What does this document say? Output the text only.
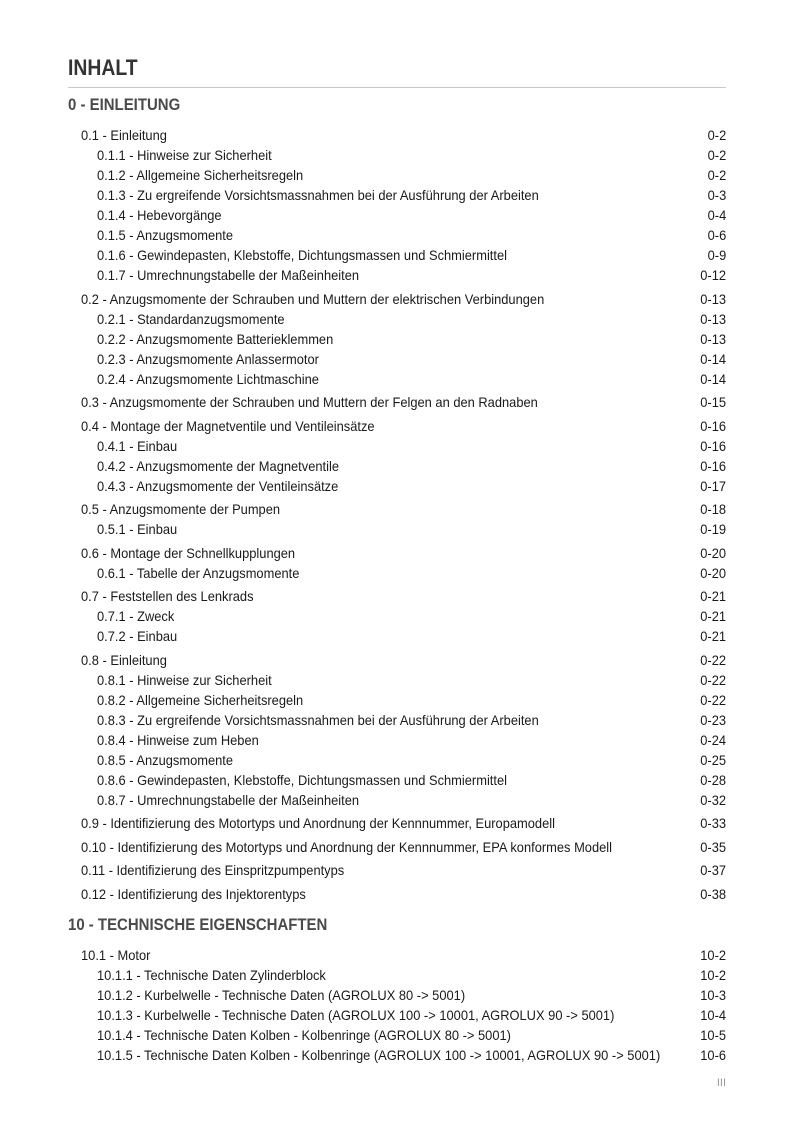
INHALT
0 - EINLEITUNG
0.1 - Einleitung	0-2
0.1.1 - Hinweise zur Sicherheit	0-2
0.1.2 - Allgemeine Sicherheitsregeln	0-2
0.1.3 - Zu ergreifende Vorsichtsmassnahmen bei der Ausführung der Arbeiten	0-3
0.1.4 - Hebevorgänge	0-4
0.1.5 - Anzugsmomente	0-6
0.1.6 - Gewindepasten, Klebstoffe, Dichtungsmassen und Schmiermittel	0-9
0.1.7 - Umrechnungstabelle der Maßeinheiten	0-12
0.2 - Anzugsmomente der Schrauben und Muttern der elektrischen Verbindungen	0-13
0.2.1 - Standardanzugsmomente	0-13
0.2.2 - Anzugsmomente Batterieklemmen	0-13
0.2.3 - Anzugsmomente Anlassermotor	0-14
0.2.4 - Anzugsmomente Lichtmaschine	0-14
0.3 - Anzugsmomente der Schrauben und Muttern der Felgen an den Radnaben	0-15
0.4 - Montage der Magnetventile und Ventileinsätze	0-16
0.4.1 - Einbau	0-16
0.4.2 - Anzugsmomente der Magnetventile	0-16
0.4.3 - Anzugsmomente der Ventileinsätze	0-17
0.5 - Anzugsmomente der Pumpen	0-18
0.5.1 - Einbau	0-19
0.6 - Montage der Schnellkupplungen	0-20
0.6.1 - Tabelle der Anzugsmomente	0-20
0.7 - Feststellen des Lenkrads	0-21
0.7.1 - Zweck	0-21
0.7.2 - Einbau	0-21
0.8 - Einleitung	0-22
0.8.1 - Hinweise zur Sicherheit	0-22
0.8.2 - Allgemeine Sicherheitsregeln	0-22
0.8.3 - Zu ergreifende Vorsichtsmassnahmen bei der Ausführung der Arbeiten	0-23
0.8.4 - Hinweise zum Heben	0-24
0.8.5 - Anzugsmomente	0-25
0.8.6 - Gewindepasten, Klebstoffe, Dichtungsmassen und Schmiermittel	0-28
0.8.7 - Umrechnungstabelle der Maßeinheiten	0-32
0.9 - Identifizierung des Motortyps und Anordnung der Kennnummer, Europamodell	0-33
0.10 - Identifizierung des Motortyps und Anordnung der Kennnummer, EPA konformes Modell	0-35
0.11 - Identifizierung des Einspritzpumpentyps	0-37
0.12 - Identifizierung des Injektorentyps	0-38
10 - TECHNISCHE EIGENSCHAFTEN
10.1 - Motor	10-2
10.1.1 - Technische Daten Zylinderblock	10-2
10.1.2 - Kurbelwelle - Technische Daten (AGROLUX 80 -> 5001)	10-3
10.1.3 - Kurbelwelle - Technische Daten (AGROLUX 100 -> 10001, AGROLUX 90 -> 5001)	10-4
10.1.4 - Technische Daten Kolben - Kolbenringe (AGROLUX 80 -> 5001)	10-5
10.1.5 - Technische Daten Kolben - Kolbenringe (AGROLUX 100 -> 10001, AGROLUX 90 -> 5001)	10-6
III
